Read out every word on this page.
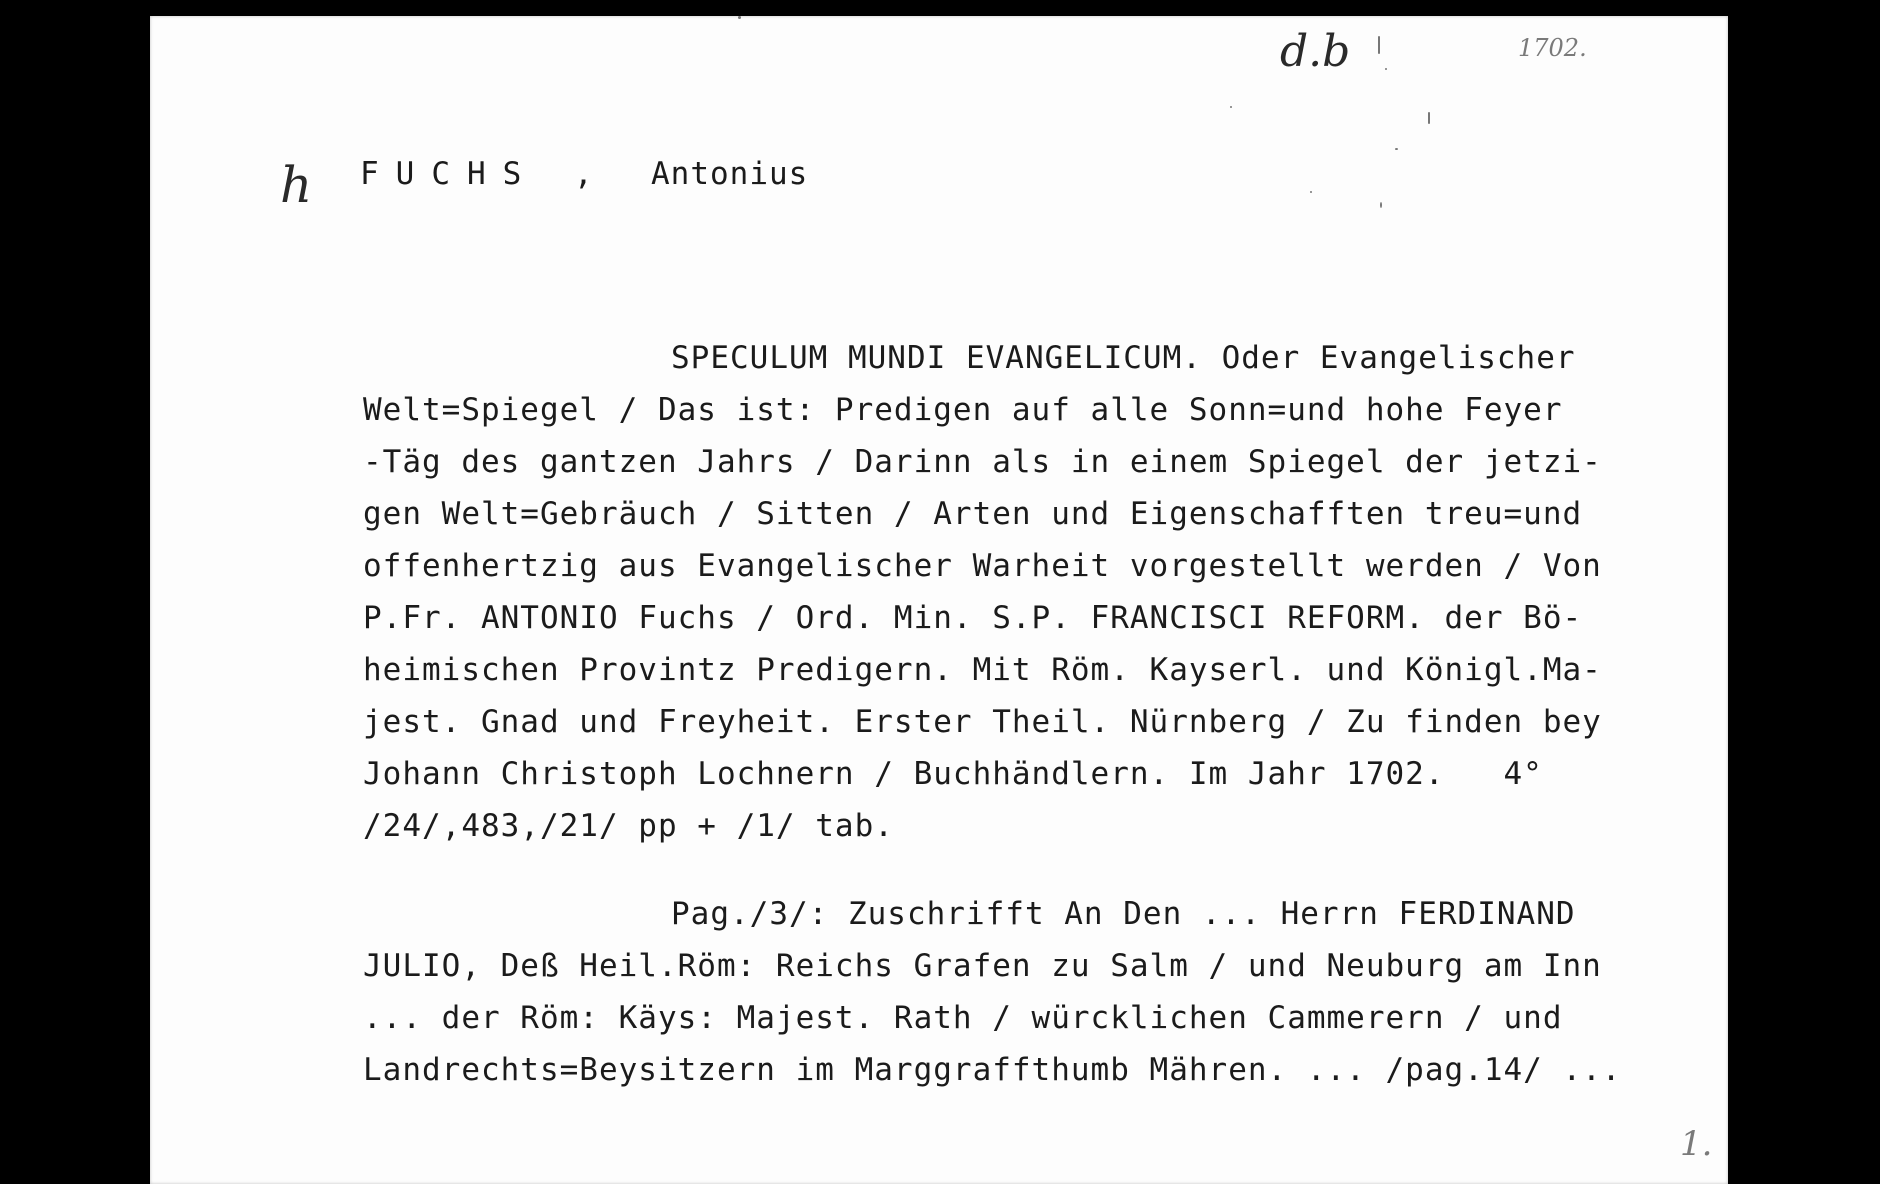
d.b	1702.
h
1.
FUCHS , Antonius
SPECULUM MUNDI EVANGELICUM. Oder Evangelischer
Welt=Spiegel / Das ist: Predigen auf alle Sonn=und hohe Feyer
-Täg des gantzen Jahrs / Darinn als in einem Spiegel der jetzi-
gen Welt=Gebräuch / Sitten / Arten und Eigenschafften treu=und
offenhertzig aus Evangelischer Warheit vorgestellt werden / Von
P.Fr. ANTONIO Fuchs / Ord. Min. S.P. FRANCISCI REFORM. der Bö-
heimischen Provintz Predigern. Mit Röm. Kayserl. und Königl.Ma-
jest. Gnad und Freyheit. Erster Theil. Nürnberg / Zu finden bey
Johann Christoph Lochnern / Buchhändlern. Im Jahr 1702.   4°
/24/,483,/21/ pp + /1/ tab.
Pag./3/: Zuschrifft An Den ... Herrn FERDINAND
JULIO, Deß Heil.Röm: Reichs Grafen zu Salm / und Neuburg am Inn
... der Röm: Käys: Majest. Rath / würcklichen Cammerern / und
Landrechts=Beysitzern im Marggraffthumb Mähren. ... /pag.14/ ...
